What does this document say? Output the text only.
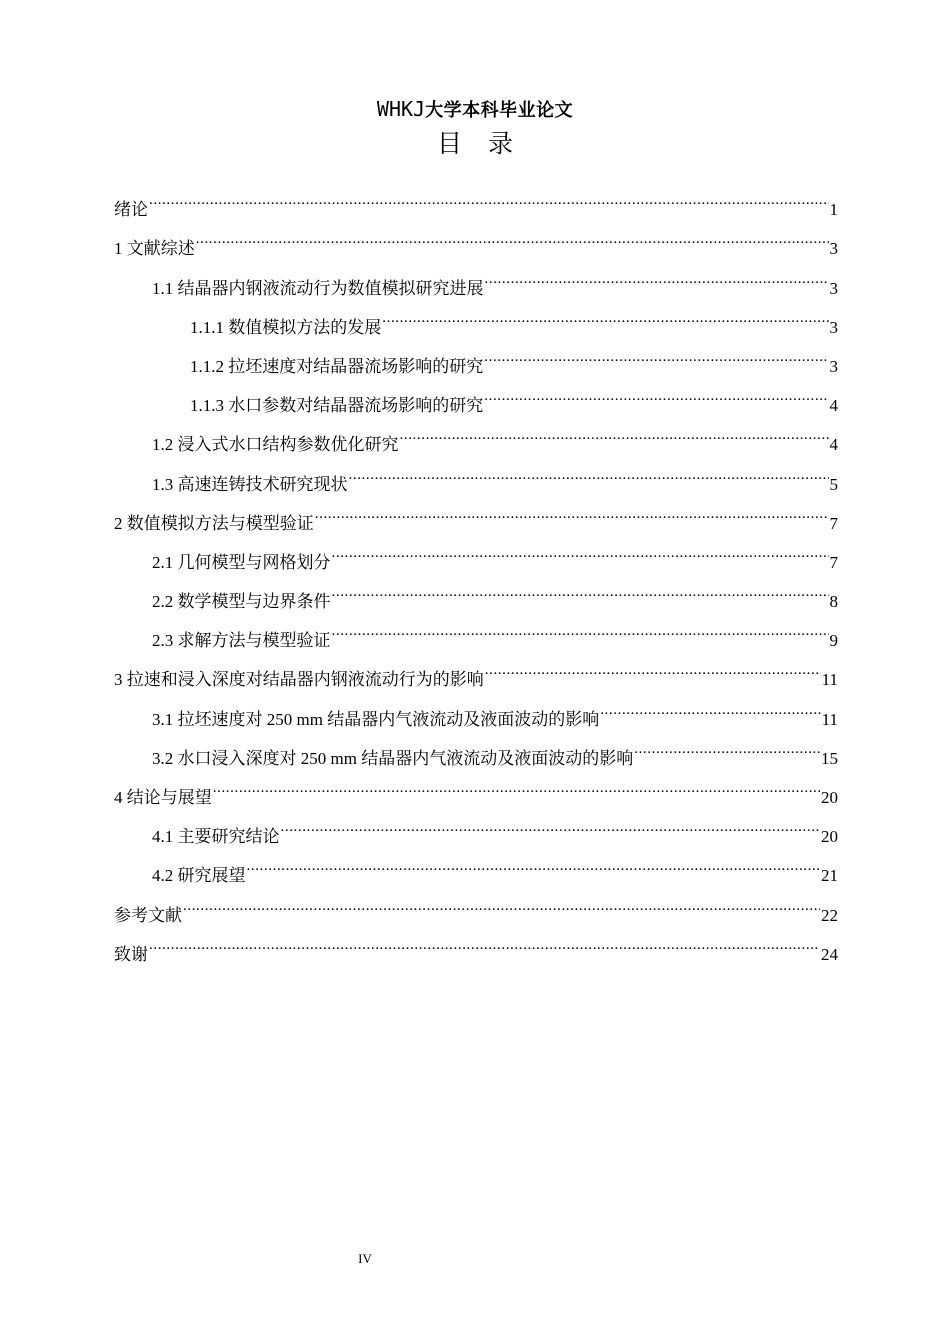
WHKJ大学本科毕业论文
目录
绪论 .....	1
1 文献综述 .....	3
1.1 结晶器内钢液流动行为数值模拟研究进展 .....	3
1.1.1 数值模拟方法的发展 .....	3
1.1.2 拉坯速度对结晶器流场影响的研究 .....	3
1.1.3 水口参数对结晶器流场影响的研究 .....	4
1.2 浸入式水口结构参数优化研究 .....	4
1.3 高速连铸技术研究现状 .....	5
2 数值模拟方法与模型验证 .....	7
2.1 几何模型与网格划分 .....	7
2.2 数学模型与边界条件 .....	8
2.3 求解方法与模型验证 .....	9
3 拉速和浸入深度对结晶器内钢液流动行为的影响 .....	11
3.1 拉坯速度对 250 mm 结晶器内气液流动及液面波动的影响 .....	11
3.2 水口浸入深度对 250 mm 结晶器内气液流动及液面波动的影响 .....	15
4 结论与展望 .....	20
4.1 主要研究结论 .....	20
4.2 研究展望 .....	21
参考文献 .....	22
致谢 .....	24
IV
